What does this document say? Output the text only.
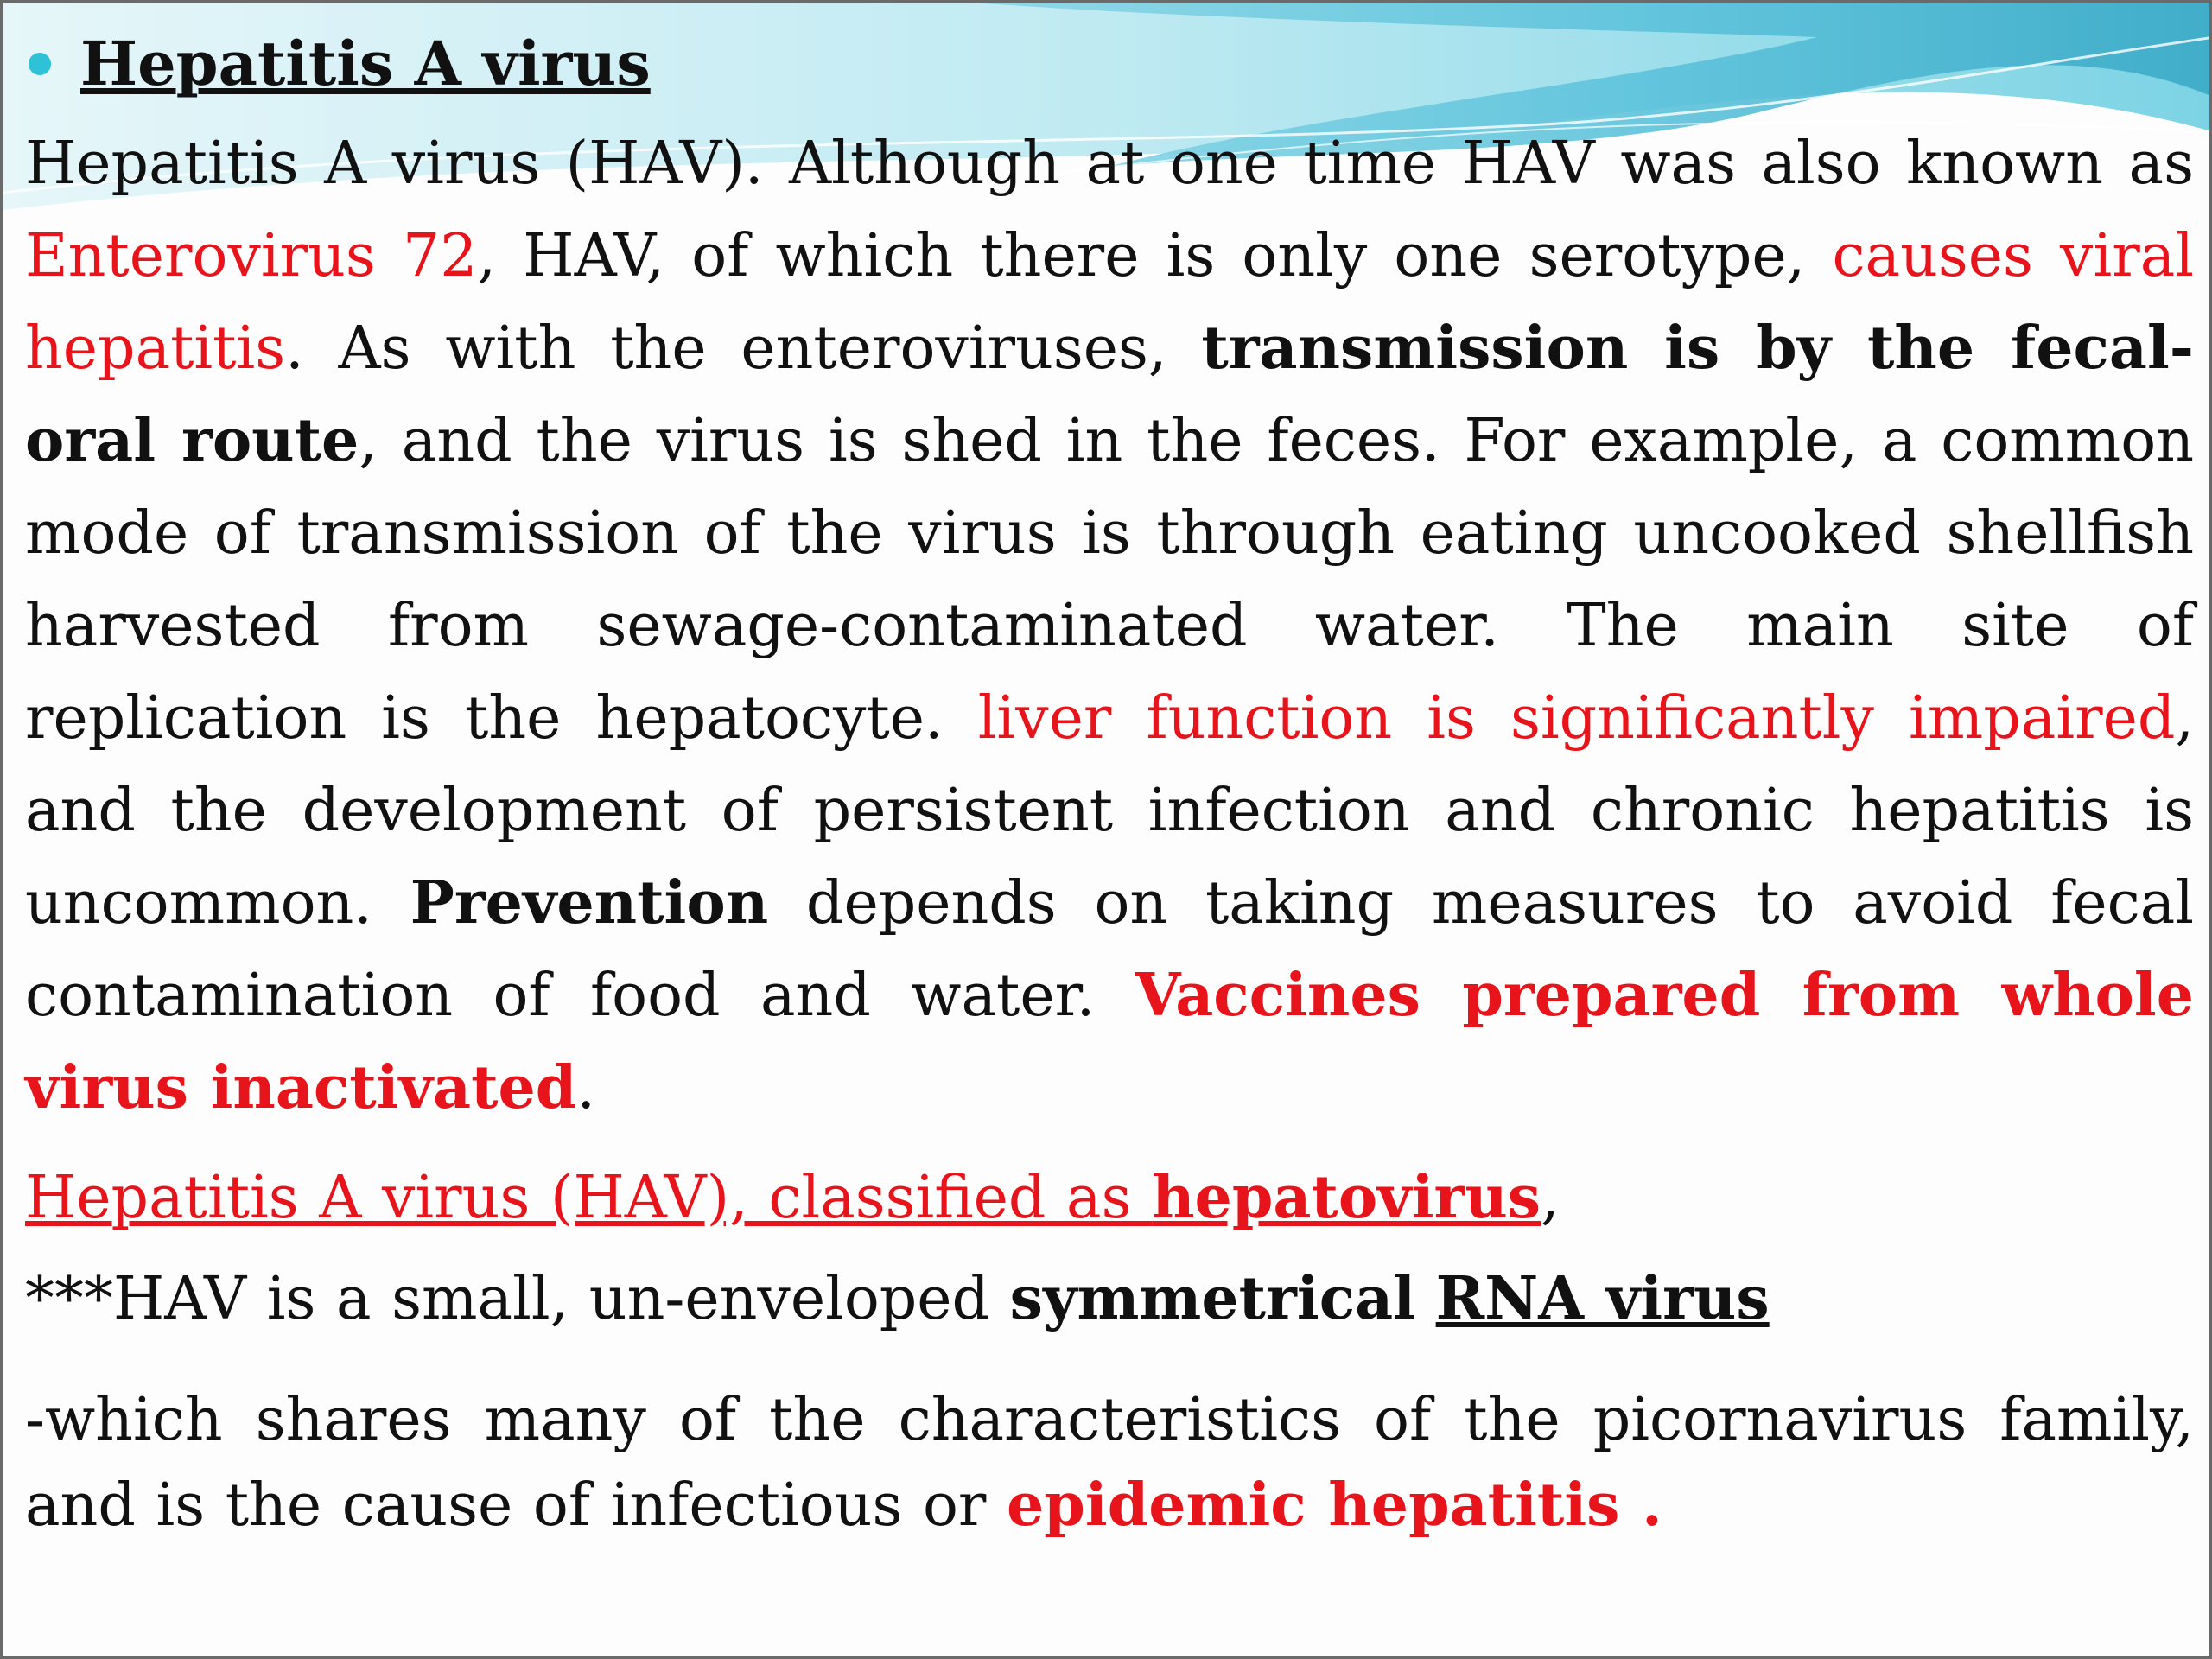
Hepatitis A virus

Hepatitis A virus (HAV). Although at one time HAV was also known as Enterovirus 72, HAV, of which there is only one serotype, causes viral hepatitis. As with the enteroviruses, transmission is by the fecal-oral route, and the virus is shed in the feces. For example, a common mode of transmission of the virus is through eating uncooked shellfish harvested from sewage-contaminated water. The main site of replication is the hepatocyte. liver function is significantly impaired, and the development of persistent infection and chronic hepatitis is uncommon. Prevention depends on taking measures to avoid fecal contamination of food and water. Vaccines prepared from whole virus inactivated.

Hepatitis A virus (HAV), classified as hepatovirus,

***HAV is a small, un-enveloped symmetrical RNA virus

-which shares many of the characteristics of the picornavirus family, and is the cause of infectious or epidemic hepatitis .
